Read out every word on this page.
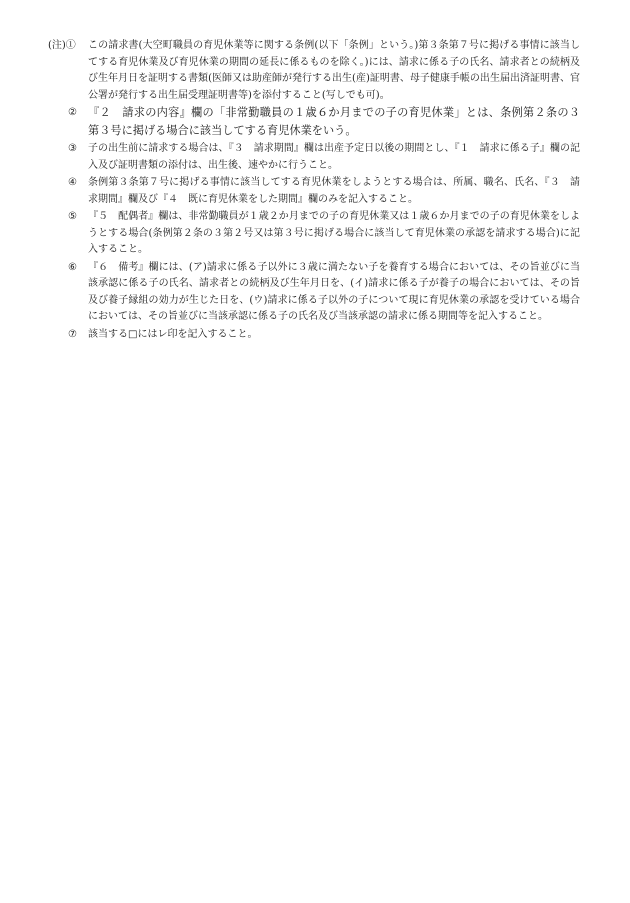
(注)①	この請求書(大空町職員の育児休業等に関する条例(以下「条例」という。)第３条第７号に掲げる事情に該当してする育児休業及び育児休業の期間の延長に係るものを除く。)には、請求に係る子の氏名、請求者との続柄及び生年月日を証明する書類(医師又は助産師が発行する出生(産)証明書、母子健康手帳の出生届出済証明書、官公署が発行する出生届受理証明書等)を添付すること(写しでも可)。

② 『２　請求の内容』欄の「非常勤職員の１歳６か月までの子の育児休業」とは、条例第２条の３第３号に掲げる場合に該当してする育児休業をいう。

③	子の出生前に請求する場合は、『３　請求期間』欄は出産予定日以後の期間とし、『１　請求に係る子』欄の記入及び証明書類の添付は、出生後、速やかに行うこと。

④	条例第３条第７号に掲げる事情に該当してする育児休業をしようとする場合は、所属、職名、氏名、『３　請求期間』欄及び『４　既に育児休業をした期間』欄のみを記入すること。

⑤	『５　配偶者』欄は、非常勤職員が１歳２か月までの子の育児休業又は１歳６か月までの子の育児休業をしようとする場合(条例第２条の３第２号又は第３号に掲げる場合に該当して育児休業の承認を請求する場合)に記入すること。

⑥	『６　備考』欄には、(ア)請求に係る子以外に３歳に満たない子を養育する場合においては、その旨並びに当該承認に係る子の氏名、請求者との続柄及び生年月日を、(イ)請求に係る子が養子の場合においては、その旨及び養子縁組の効力が生じた日を、(ウ)請求に係る子以外の子について現に育児休業の承認を受けている場合においては、その旨並びに当該承認に係る子の氏名及び当該承認の請求に係る期間等を記入すること。

⑦	該当する□にはレ印を記入すること。
